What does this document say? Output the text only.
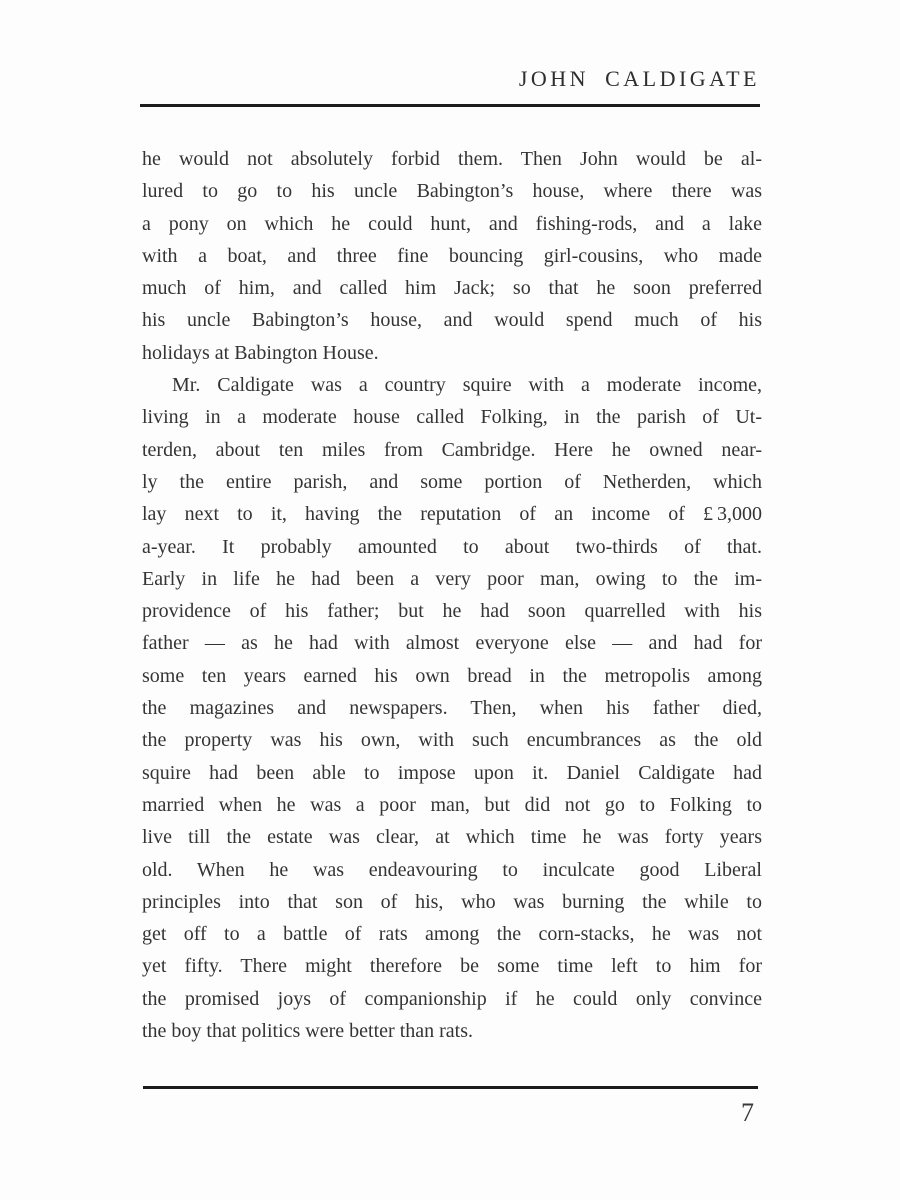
JOHN CALDIGATE
he would not absolutely forbid them. Then John would be al-
lured to go to his uncle Babington’s house, where there was
a pony on which he could hunt, and fishing-rods, and a lake
with a boat, and three fine bouncing girl-cousins, who made
much of him, and called him Jack; so that he soon preferred
his uncle Babington’s house, and would spend much of his
holidays at Babington House.
Mr. Caldigate was a country squire with a moderate income,
living in a moderate house called Folking, in the parish of Ut-
terden, about ten miles from Cambridge. Here he owned near-
ly the entire parish, and some portion of Netherden, which
lay next to it, having the reputation of an income of £ 3,000
a-year. It probably amounted to about two-thirds of that.
Early in life he had been a very poor man, owing to the im-
providence of his father; but he had soon quarrelled with his
father — as he had with almost everyone else — and had for
some ten years earned his own bread in the metropolis among
the magazines and newspapers. Then, when his father died,
the property was his own, with such encumbrances as the old
squire had been able to impose upon it. Daniel Caldigate had
married when he was a poor man, but did not go to Folking to
live till the estate was clear, at which time he was forty years
old. When he was endeavouring to inculcate good Liberal
principles into that son of his, who was burning the while to
get off to a battle of rats among the corn-stacks, he was not
yet fifty. There might therefore be some time left to him for
the promised joys of companionship if he could only convince
the boy that politics were better than rats.
7
